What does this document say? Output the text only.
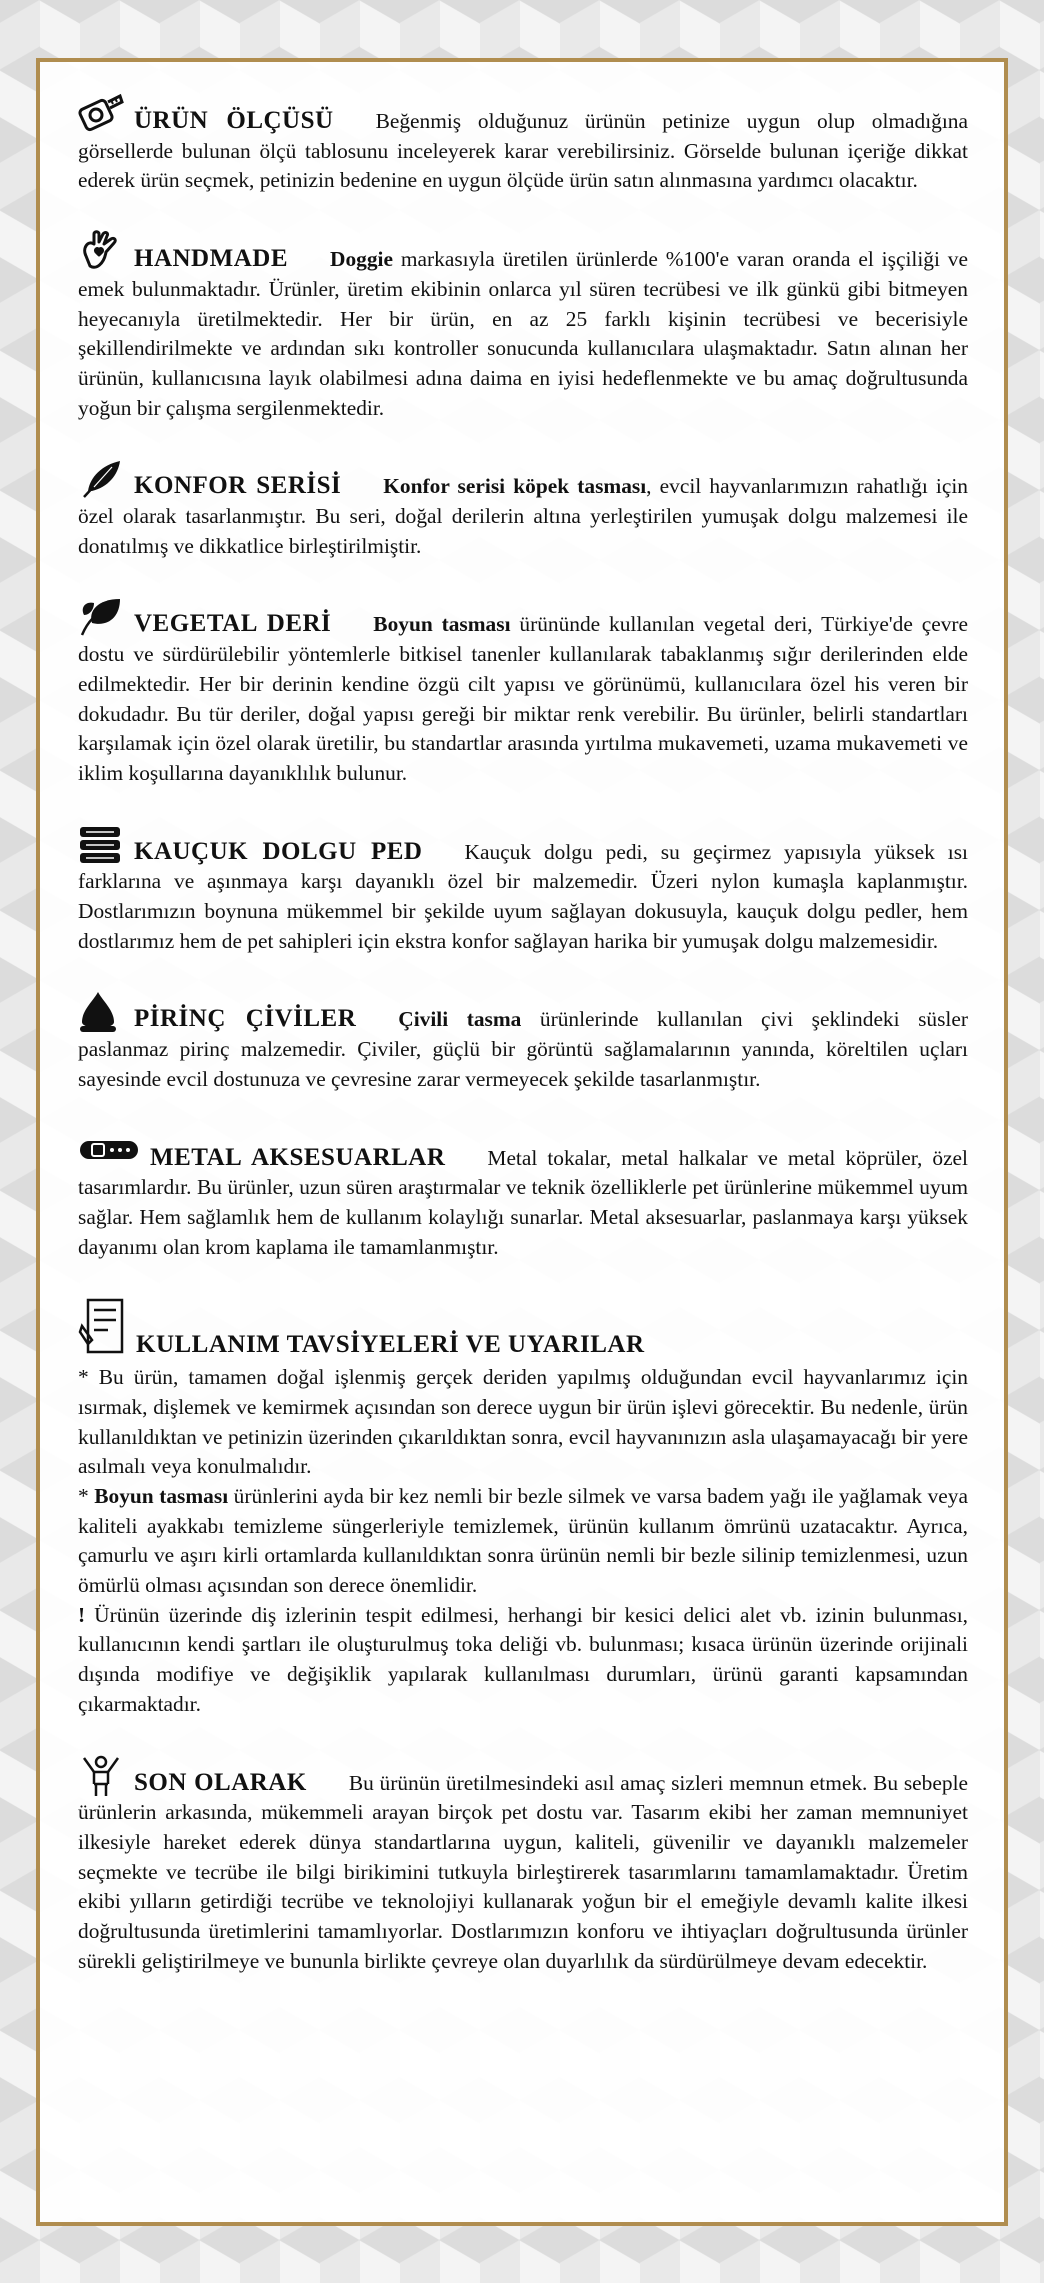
ÜRÜN ÖLÇÜSÜ Beğenmiş olduğunuz ürünün petinize uygun olup olmadığına görsellerde bulunan ölçü tablosunu inceleyerek karar verebilirsiniz. Görselde bulunan içeriğe dikkat ederek ürün seçmek, petinizin bedenine en uygun ölçüde ürün satın alınmasına yardımcı olacaktır.

HANDMADE Doggie markasıyla üretilen ürünlerde %100'e varan oranda el işçiliği ve emek bulunmaktadır. Ürünler, üretim ekibinin onlarca yıl süren tecrübesi ve ilk günkü gibi bitmeyen heyecanıyla üretilmektedir. Her bir ürün, en az 25 farklı kişinin tecrübesi ve becerisiyle şekillendirilmekte ve ardından sıkı kontroller sonucunda kullanıcılara ulaşmaktadır. Satın alınan her ürünün, kullanıcısına layık olabilmesi adına daima en iyisi hedeflenmekte ve bu amaç doğrultusunda yoğun bir çalışma sergilenmektedir.

KONFOR SERİSİ Konfor serisi köpek tasması, evcil hayvanlarımızın rahatlığı için özel olarak tasarlanmıştır. Bu seri, doğal derilerin altına yerleştirilen yumuşak dolgu malzemesi ile donatılmış ve dikkatlice birleştirilmiştir.

VEGETAL DERİ Boyun tasması ürününde kullanılan vegetal deri, Türkiye'de çevre dostu ve sürdürülebilir yöntemlerle bitkisel tanenler kullanılarak tabaklanmış sığır derilerinden elde edilmektedir. Her bir derinin kendine özgü cilt yapısı ve görünümü, kullanıcılara özel his veren bir dokudadır. Bu tür deriler, doğal yapısı gereği bir miktar renk verebilir. Bu ürünler, belirli standartları karşılamak için özel olarak üretilir, bu standartlar arasında yırtılma mukavemeti, uzama mukavemeti ve iklim koşullarına dayanıklılık bulunur.

KAUÇUK DOLGU PED Kauçuk dolgu pedi, su geçirmez yapısıyla yüksek ısı farklarına ve aşınmaya karşı dayanıklı özel bir malzemedir. Üzeri nylon kumaşla kaplanmıştır. Dostlarımızın boynuna mükemmel bir şekilde uyum sağlayan dokusuyla, kauçuk dolgu pedler, hem dostlarımız hem de pet sahipleri için ekstra konfor sağlayan harika bir yumuşak dolgu malzemesidir.

PİRİNÇ ÇİVİLER Çivili tasma ürünlerinde kullanılan çivi şeklindeki süsler paslanmaz pirinç malzemedir. Çiviler, güçlü bir görüntü sağlamalarının yanında, köreltilen uçları sayesinde evcil dostunuza ve çevresine zarar vermeyecek şekilde tasarlanmıştır.

METAL AKSESUARLAR Metal tokalar, metal halkalar ve metal köprüler, özel tasarımlardır. Bu ürünler, uzun süren araştırmalar ve teknik özelliklerle pet ürünlerine mükemmel uyum sağlar. Hem sağlamlık hem de kullanım kolaylığı sunarlar. Metal aksesuarlar, paslanmaya karşı yüksek dayanımı olan krom kaplama ile tamamlanmıştır.

KULLANIM TAVSİYELERİ VE UYARILAR
* Bu ürün, tamamen doğal işlenmiş gerçek deriden yapılmış olduğundan evcil hayvanlarımız için ısırmak, dişlemek ve kemirmek açısından son derece uygun bir ürün işlevi görecektir. Bu nedenle, ürün kullanıldıktan ve petinizin üzerinden çıkarıldıktan sonra, evcil hayvanınızın asla ulaşamayacağı bir yere asılmalı veya konulmalıdır.

* Boyun tasması ürünlerini ayda bir kez nemli bir bezle silmek ve varsa badem yağı ile yağlamak veya kaliteli ayakkabı temizleme süngerleriyle temizlemek, ürünün kullanım ömrünü uzatacaktır. Ayrıca, çamurlu ve aşırı kirli ortamlarda kullanıldıktan sonra ürünün nemli bir bezle silinip temizlenmesi, uzun ömürlü olması açısından son derece önemlidir.

! Ürünün üzerinde diş izlerinin tespit edilmesi, herhangi bir kesici delici alet vb. izinin bulunması, kullanıcının kendi şartları ile oluşturulmuş toka deliği vb. bulunması; kısaca ürünün üzerinde orijinali dışında modifiye ve değişiklik yapılarak kullanılması durumları, ürünü garanti kapsamından çıkarmaktadır.

SON OLARAK Bu ürünün üretilmesindeki asıl amaç sizleri memnun etmek. Bu sebeple ürünlerin arkasında, mükemmeli arayan birçok pet dostu var. Tasarım ekibi her zaman memnuniyet ilkesiyle hareket ederek dünya standartlarına uygun, kaliteli, güvenilir ve dayanıklı malzemeler seçmekte ve tecrübe ile bilgi birikimini tutkuyla birleştirerek tasarımlarını tamamlamaktadır. Üretim ekibi yılların getirdiği tecrübe ve teknolojiyi kullanarak yoğun bir el emeğiyle devamlı kalite ilkesi doğrultusunda üretimlerini tamamlıyorlar. Dostlarımızın konforu ve ihtiyaçları doğrultusunda ürünler sürekli geliştirilmeye ve bununla birlikte çevreye olan duyarlılık da sürdürülmeye devam edecektir.
